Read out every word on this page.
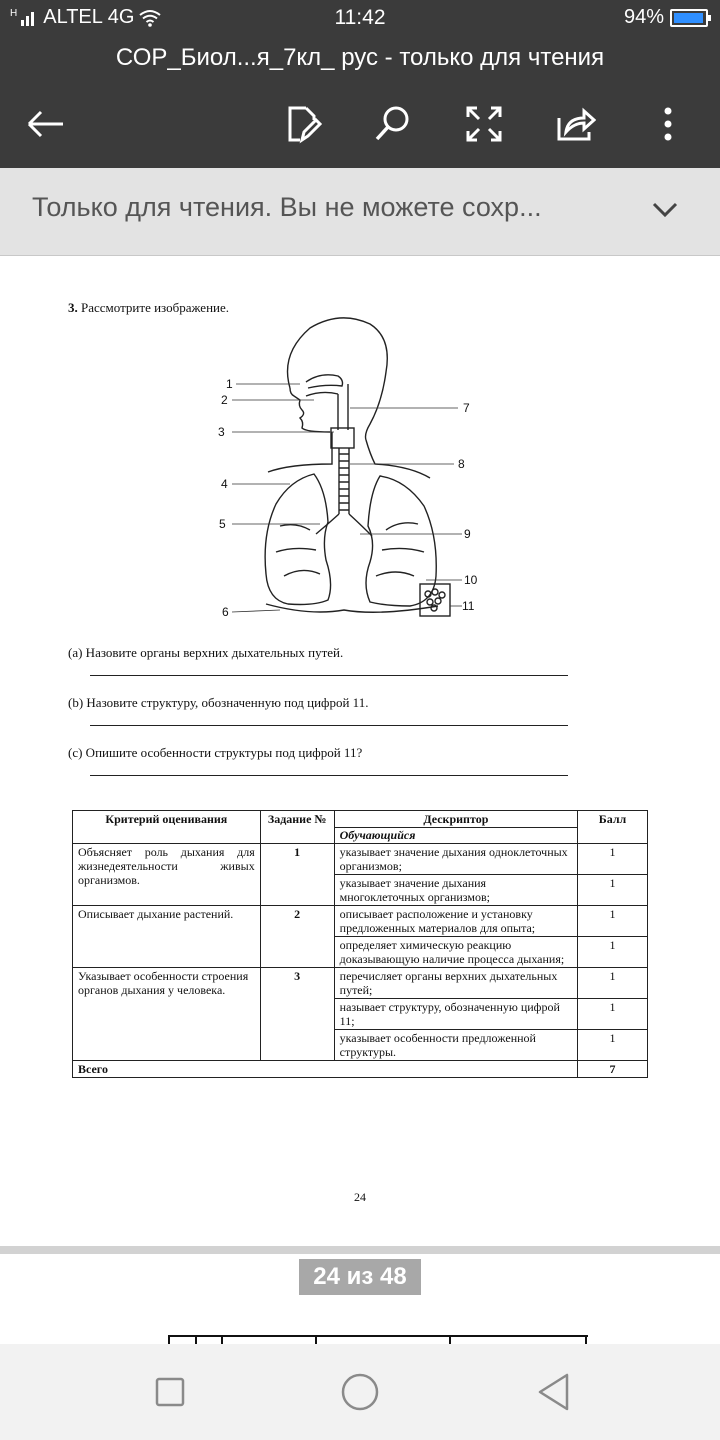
H ALTEL 4G	11:42	94%
СОР_Биол...я_7кл_ рус - только для чтения
Только для чтения. Вы не можете сохр...
3. Рассмотрите изображение.
1
2
3
4
5
6
7
8
9
10
11
(a) Назовите органы верхних дыхательных путей.
(b) Назовите структуру, обозначенную под цифрой 11.
(c) Опишите особенности структуры под цифрой 11?
Критерий оценивания	Задание №	Дескриптор	Балл
		Обучающийся	
Объясняет роль дыхания для жизнедеятельности живых организмов.	1	указывает значение дыхания одноклеточных организмов;	1
		указывает значение дыхания многоклеточных организмов;	1
Описывает дыхание растений.	2	описывает расположение и установку предложенных материалов для опыта;	1
		определяет химическую реакцию доказывающую наличие процесса дыхания;	1
Указывает особенности строения органов дыхания у человека.	3	перечисляет органы верхних дыхательных путей;	1
		называет структуру, обозначенную цифрой 11;	1
		указывает особенности предложенной структуры.	1
Всего			7
24
24 из 48
